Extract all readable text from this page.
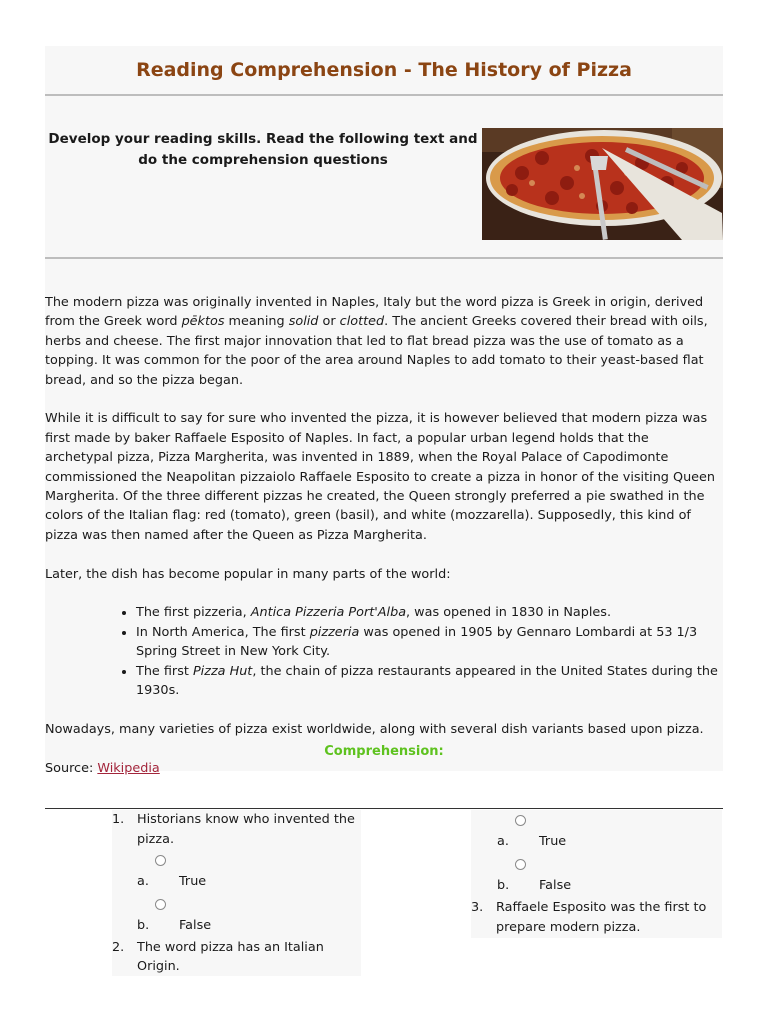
Reading Comprehension - The History of Pizza
Develop your reading skills. Read the following text and do the comprehension questions

The modern pizza was originally invented in Naples, Italy but the word pizza is Greek in origin, derived from the Greek word pēktos meaning solid or clotted. The ancient Greeks covered their bread with oils, herbs and cheese. The first major innovation that led to flat bread pizza was the use of tomato as a topping. It was common for the poor of the area around Naples to add tomato to their yeast-based flat bread, and so the pizza began.

While it is difficult to say for sure who invented the pizza, it is however believed that modern pizza was first made by baker Raffaele Esposito of Naples. In fact, a popular urban legend holds that the archetypal pizza, Pizza Margherita, was invented in 1889, when the Royal Palace of Capodimonte commissioned the Neapolitan pizzaiolo Raffaele Esposito to create a pizza in honor of the visiting Queen Margherita. Of the three different pizzas he created, the Queen strongly preferred a pie swathed in the colors of the Italian flag: red (tomato), green (basil), and white (mozzarella). Supposedly, this kind of pizza was then named after the Queen as Pizza Margherita.

Later, the dish has become popular in many parts of the world:

• The first pizzeria, Antica Pizzeria Port'Alba, was opened in 1830 in Naples.
• In North America, The first pizzeria was opened in 1905 by Gennaro Lombardi at 53 1/3 Spring Street in New York City.
• The first Pizza Hut, the chain of pizza restaurants appeared in the United States during the 1930s.

Nowadays, many varieties of pizza exist worldwide, along with several dish variants based upon pizza.

Source: Wikipedia

Comprehension:
1. Historians know who invented the pizza.
a. True
b. False
2. The word pizza has an Italian Origin.
a. True
b. False
3. Raffaele Esposito was the first to prepare modern pizza.
